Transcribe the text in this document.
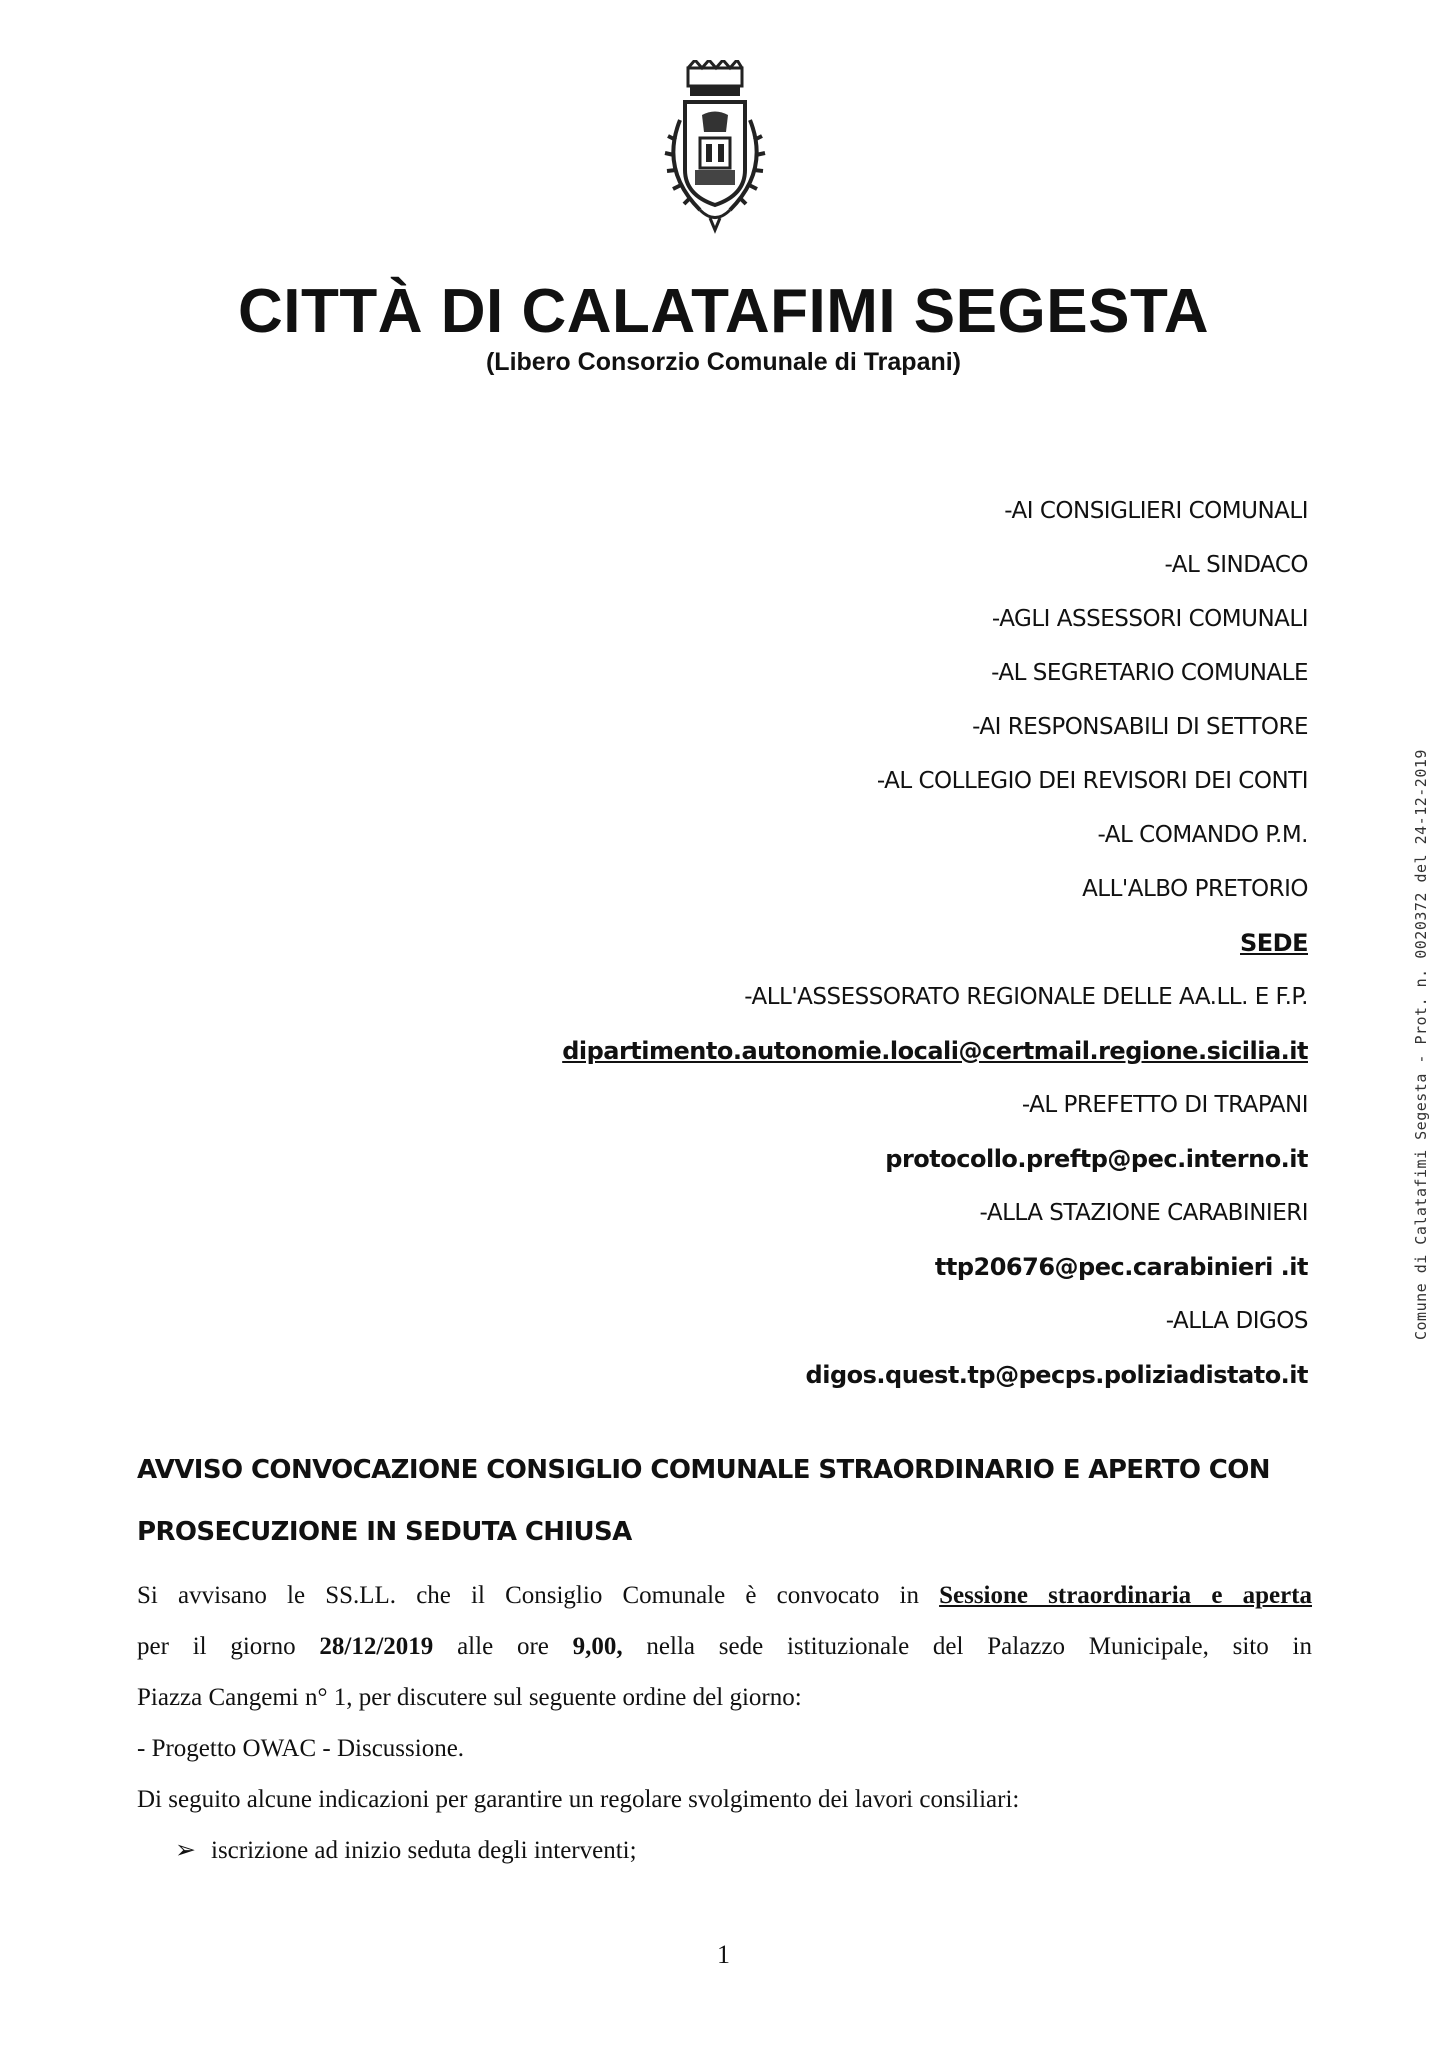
CITTÀ DI CALATAFIMI SEGESTA
(Libero Consorzio Comunale di Trapani)
-AI CONSIGLIERI COMUNALI
-AL SINDACO
-AGLI ASSESSORI COMUNALI
-AL SEGRETARIO COMUNALE
-AI RESPONSABILI DI SETTORE
-AL COLLEGIO DEI REVISORI DEI CONTI
-AL COMANDO P.M.
ALL'ALBO PRETORIO
SEDE
-ALL'ASSESSORATO REGIONALE DELLE AA.LL. E F.P.
dipartimento.autonomie.locali@certmail.regione.sicilia.it
-AL PREFETTO DI TRAPANI
protocollo.preftp@pec.interno.it
-ALLA STAZIONE CARABINIERI
ttp20676@pec.carabinieri .it
-ALLA DIGOS
digos.quest.tp@pecps.poliziadistato.it
AVVISO CONVOCAZIONE CONSIGLIO COMUNALE STRAORDINARIO E APERTO CON
PROSECUZIONE IN SEDUTA CHIUSA

Si avvisano le SS.LL. che il Consiglio Comunale è convocato in Sessione straordinaria e aperta

per il giorno 28/12/2019 alle ore 9,00, nella sede istituzionale del Palazzo Municipale, sito in

Piazza Cangemi n° 1, per discutere sul seguente ordine del giorno:

- Progetto OWAC - Discussione.

Di seguito alcune indicazioni per garantire un regolare svolgimento dei lavori consiliari:

➢ iscrizione ad inizio seduta degli interventi;

1
Comune di Calatafimi Segesta - Prot. n. 0020372 del 24-12-2019
